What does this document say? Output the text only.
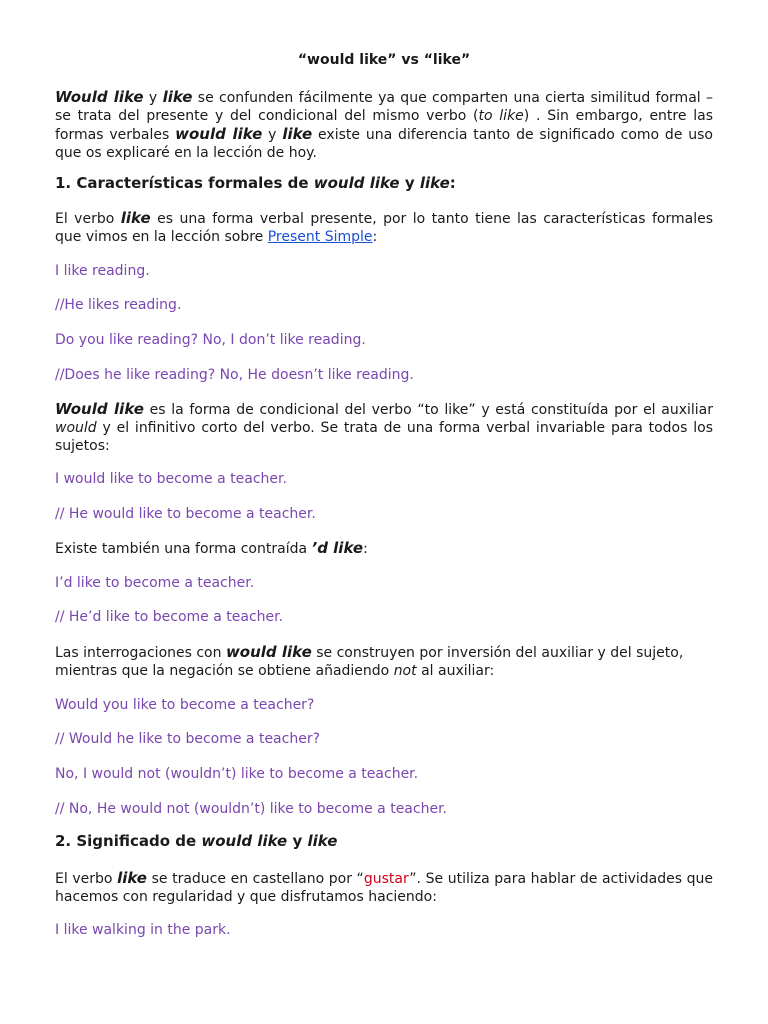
“would like” vs “like”

Would like y like se confunden fácilmente ya que comparten una cierta similitud formal – se trata del presente y del condicional del mismo verbo (to like) . Sin embargo, entre las formas verbales would like y like existe una diferencia tanto de significado como de uso que os explicaré en la lección de hoy.

1. Características formales de would like y like:

El verbo like es una forma verbal presente, por lo tanto tiene las características formales que vimos en la lección sobre Present Simple:

I like reading.

//He likes reading.

Do you like reading? No, I don’t like reading.

//Does he like reading? No, He doesn’t like reading.

Would like es la forma de condicional del verbo “to like” y está constituída por el auxiliar would y el infinitivo corto del verbo. Se trata de una forma verbal invariable para todos los sujetos:

I would like to become a teacher.

// He would like to become a teacher.

Existe también una forma contraída ’d like:

I’d like to become a teacher.

// He’d like to become a teacher.

Las interrogaciones con would like se construyen por inversión del auxiliar y del sujeto, mientras que la negación se obtiene añadiendo not al auxiliar:

Would you like to become a teacher?

// Would he like to become a teacher?

No, I would not (wouldn’t) like to become a teacher.

// No, He would not (wouldn’t) like to become a teacher.

2. Significado de would like y like

El verbo like se traduce en castellano por “gustar”. Se utiliza para hablar de actividades que hacemos con regularidad y que disfrutamos haciendo:

I like walking in the park.
